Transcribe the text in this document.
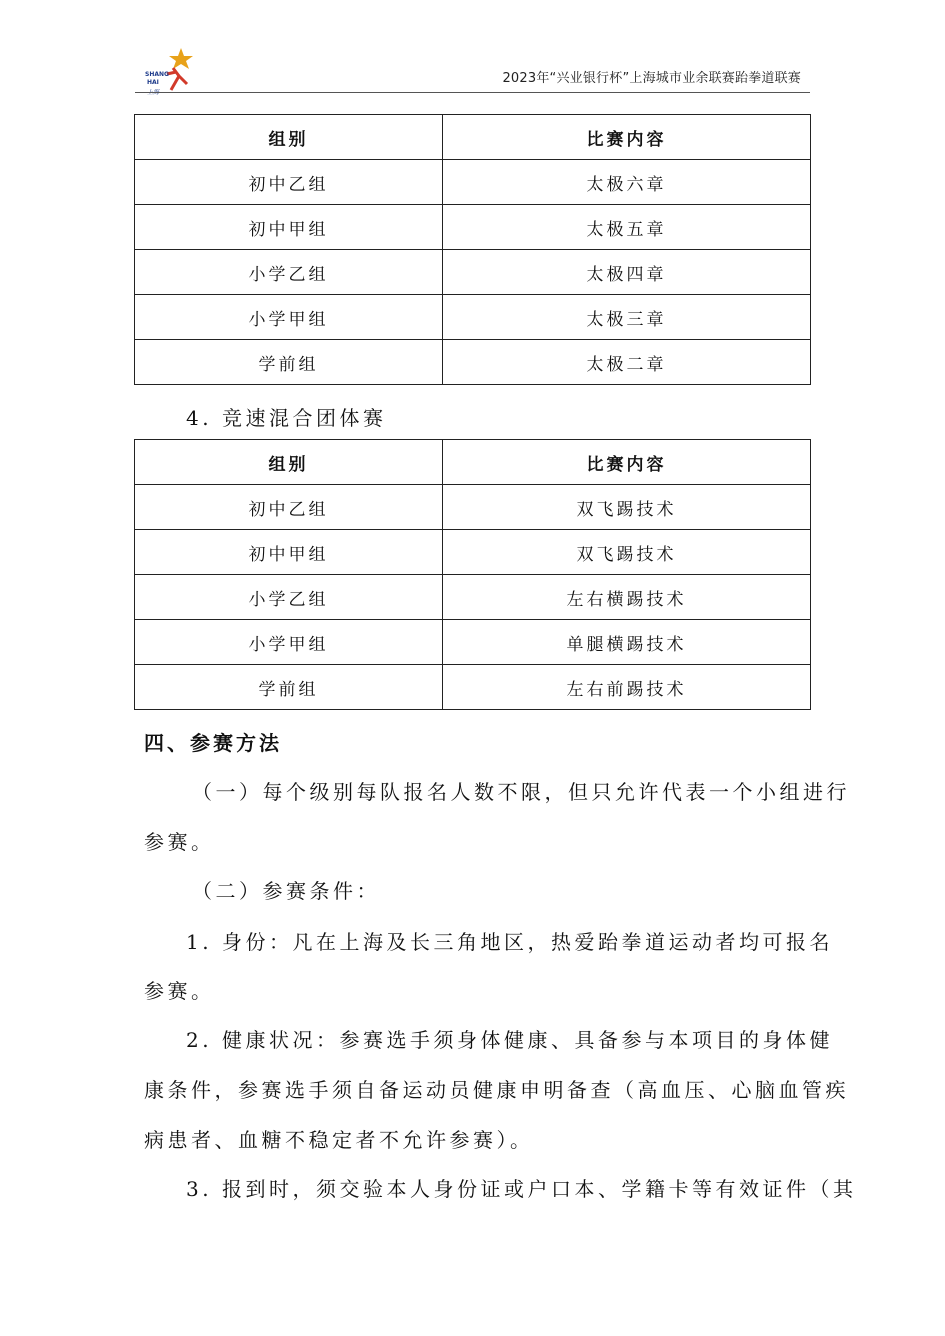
SHANG
HAI
上海
2023年“兴业银行杯”上海城市业余联赛跆拳道联赛
组别	比赛内容
初中乙组	太极六章
初中甲组	太极五章
小学乙组	太极四章
小学甲组	太极三章
学前组	太极二章
4. 竞速混合团体赛
组别	比赛内容
初中乙组	双飞踢技术
初中甲组	双飞踢技术
小学乙组	左右横踢技术
小学甲组	单腿横踢技术
学前组	左右前踢技术
四、参赛方法
（一）每个级别每队报名人数不限，但只允许代表一个小组进行
参赛。
（二）参赛条件：
1. 身份：凡在上海及长三角地区，热爱跆拳道运动者均可报名
参赛。
2. 健康状况：参赛选手须身体健康、具备参与本项目的身体健
康条件，参赛选手须自备运动员健康申明备查（高血压、心脑血管疾
病患者、血糖不稳定者不允许参赛）。
3. 报到时，须交验本人身份证或户口本、学籍卡等有效证件（其
